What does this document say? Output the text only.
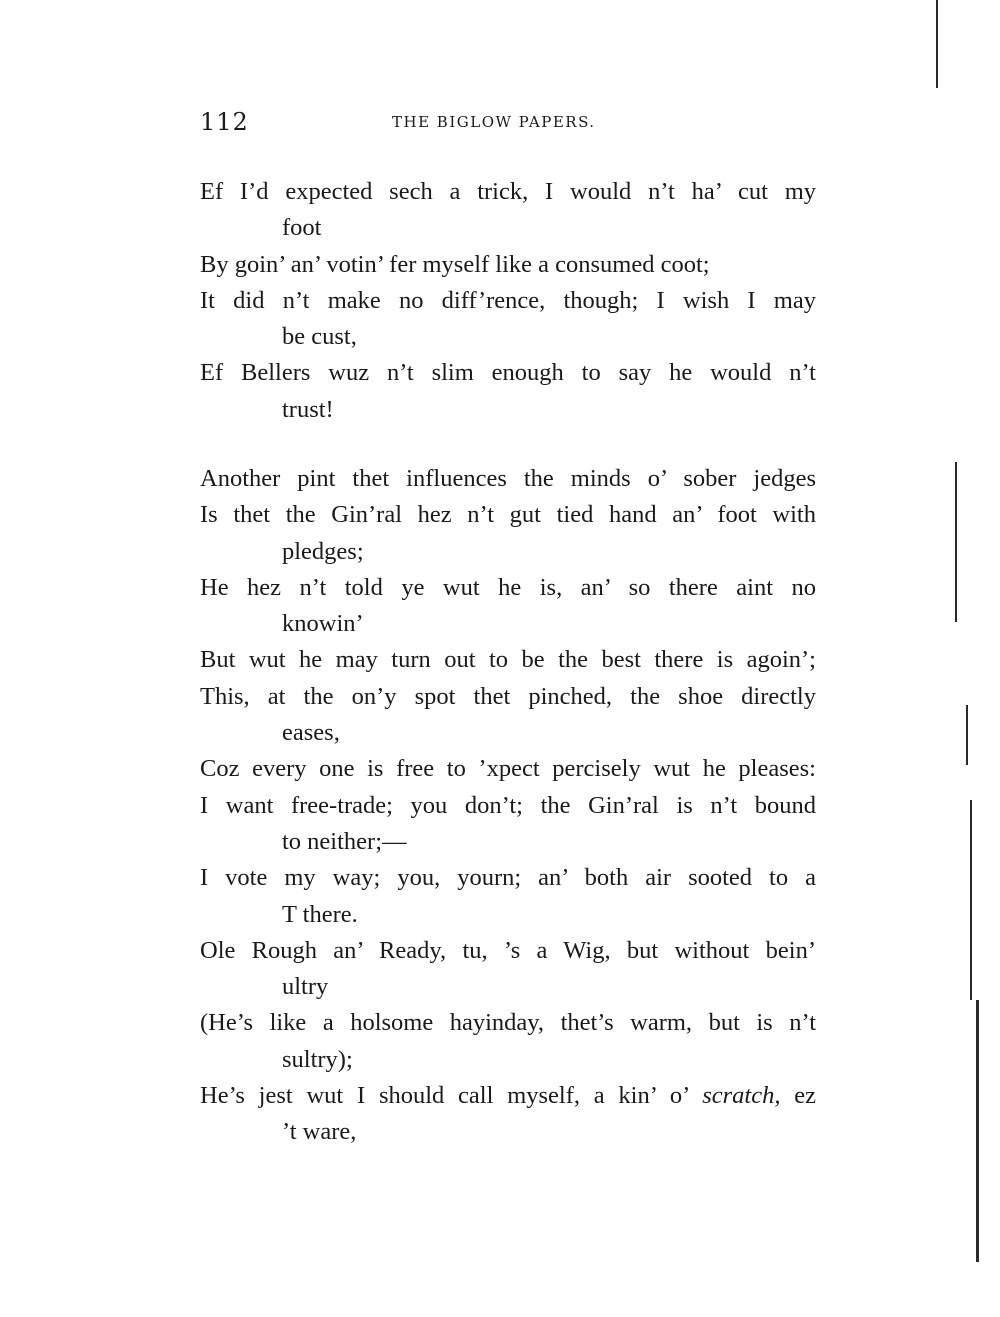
112	THE BIGLOW PAPERS.
Ef I’d expected sech a trick, I would n’t ha’ cut my
foot
By goin’ an’ votin’ fer myself like a consumed coot;
It did n’t make no diff’rence, though; I wish I may
be cust,
Ef Bellers wuz n’t slim enough to say he would n’t
trust!
Another pint thet influences the minds o’ sober jedges
Is thet the Gin’ral hez n’t gut tied hand an’ foot with
pledges;
He hez n’t told ye wut he is, an’ so there aint no
knowin’
But wut he may turn out to be the best there is agoin’;
This, at the on’y spot thet pinched, the shoe directly
eases,
Coz every one is free to ’xpect percisely wut he pleases:
I want free-trade; you don’t; the Gin’ral is n’t bound
to neither;—
I vote my way; you, yourn; an’ both air sooted to a
T there.
Ole Rough an’ Ready, tu, ’s a Wig, but without bein’
ultry
(He’s like a holsome hayinday, thet’s warm, but is n’t
sultry);
He’s jest wut I should call myself, a kin’ o’ scratch, ez
’t ware,
